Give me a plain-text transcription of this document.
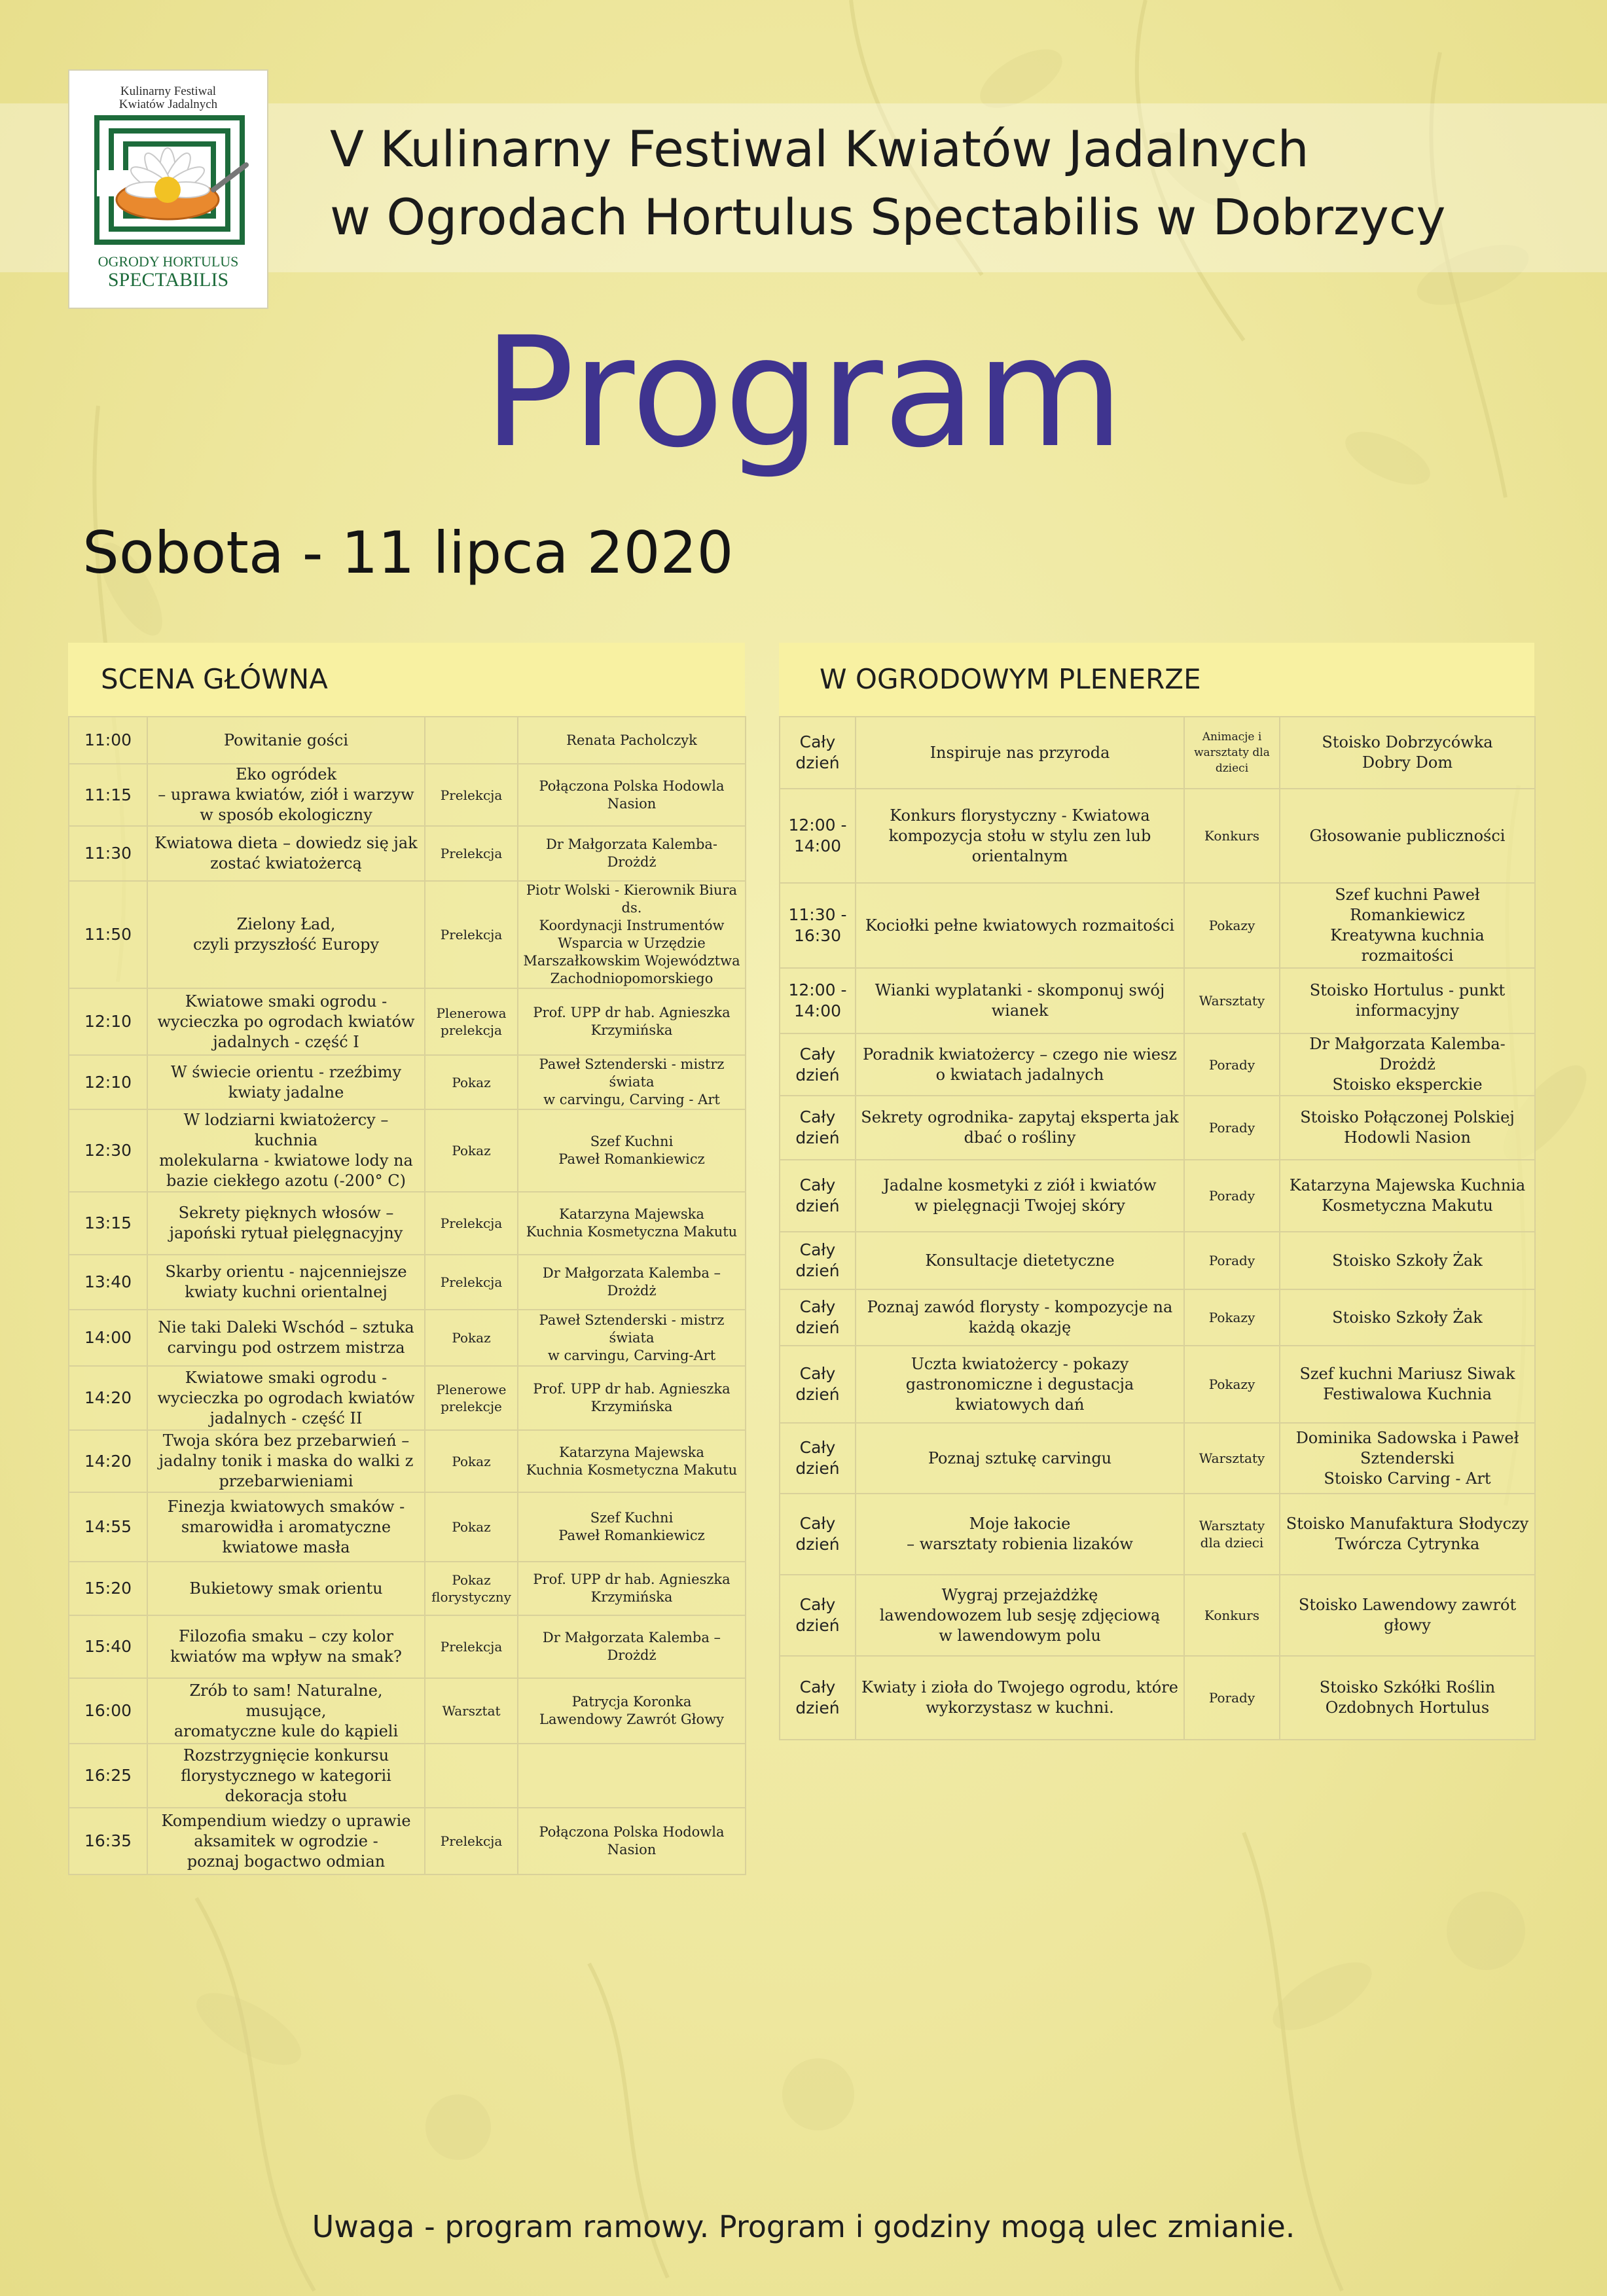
Kulinarny Festiwal
Kwiatów Jadalnych
OGRODY HORTULUS
SPECTABILIS
V Kulinarny Festiwal Kwiatów Jadalnych
w Ogrodach Hortulus Spectabilis w Dobrzycy
Program
Sobota - 11 lipca 2020
SCENA GŁÓWNA
11:00	Powitanie gości		Renata Pacholczyk
11:15	Eko ogródek
– uprawa kwiatów, ziół i warzyw
w sposób ekologiczny	Prelekcja	Połączona Polska Hodowla
Nasion
11:30	Kwiatowa dieta – dowiedz się jak
zostać kwiatożercą	Prelekcja	Dr Małgorzata Kalemba-Drożdż
11:50	Zielony Ład,
czyli przyszłość Europy	Prelekcja	Piotr Wolski - Kierownik Biura ds.
Koordynacji Instrumentów
Wsparcia w Urzędzie
Marszałkowskim Województwa
Zachodniopomorskiego
12:10	Kwiatowe smaki ogrodu -
wycieczka po ogrodach kwiatów
jadalnych - część I	Plenerowa
prelekcja	Prof. UPP dr hab. Agnieszka
Krzymińska
12:10	W świecie orientu - rzeźbimy
kwiaty jadalne	Pokaz	Paweł Sztenderski - mistrz świata
w carvingu, Carving - Art
12:30	W lodziarni kwiatożercy – kuchnia
molekularna - kwiatowe lody na
bazie ciekłego azotu (-200° C)	Pokaz	Szef Kuchni
Paweł Romankiewicz
13:15	Sekrety pięknych włosów –
japoński rytuał pielęgnacyjny	Prelekcja	Katarzyna Majewska
Kuchnia Kosmetyczna Makutu
13:40	Skarby orientu - najcenniejsze
kwiaty kuchni orientalnej	Prelekcja	Dr Małgorzata Kalemba – Drożdż
14:00	Nie taki Daleki Wschód – sztuka
carvingu pod ostrzem mistrza	Pokaz	Paweł Sztenderski - mistrz świata
w carvingu, Carving-Art
14:20	Kwiatowe smaki ogrodu -
wycieczka po ogrodach kwiatów
jadalnych - część II	Plenerowe
prelekcje	Prof. UPP dr hab. Agnieszka
Krzymińska
14:20	Twoja skóra bez przebarwień –
jadalny tonik i maska do walki z
przebarwieniami	Pokaz	Katarzyna Majewska
Kuchnia Kosmetyczna Makutu
14:55	Finezja kwiatowych smaków -
smarowidła i aromatyczne
kwiatowe masła	Pokaz	Szef Kuchni
Paweł Romankiewicz
15:20	Bukietowy smak orientu	Pokaz
florystyczny	Prof. UPP dr hab. Agnieszka
Krzymińska
15:40	Filozofia smaku – czy kolor
kwiatów ma wpływ na smak?	Prelekcja	Dr Małgorzata Kalemba – Drożdż
16:00	Zrób to sam! Naturalne, musujące,
aromatyczne kule do kąpieli	Warsztat	Patrycja Koronka
Lawendowy Zawrót Głowy
16:25	Rozstrzygnięcie konkursu
florystycznego w kategorii
dekoracja stołu		
16:35	Kompendium wiedzy o uprawie
aksamitek w ogrodzie -
poznaj bogactwo odmian	Prelekcja	Połączona Polska Hodowla
Nasion
W OGRODOWYM PLENERZE
Cały
dzień	Inspiruje nas przyroda	Animacje i
warsztaty dla
dzieci	Stoisko Dobrzycówka
Dobry Dom
12:00 -
14:00	Konkurs florystyczny - Kwiatowa
kompozycja stołu w stylu zen lub
orientalnym	Konkurs	Głosowanie publiczności
11:30 -
16:30	Kociołki pełne kwiatowych rozmaitości	Pokazy	Szef kuchni Paweł
Romankiewicz
Kreatywna kuchnia rozmaitości
12:00 -
14:00	Wianki wyplatanki - skomponuj swój
wianek	Warsztaty	Stoisko Hortulus - punkt
informacyjny
Cały
dzień	Poradnik kwiatożercy – czego nie wiesz
o kwiatach jadalnych	Porady	Dr Małgorzata Kalemba-Drożdż
Stoisko eksperckie
Cały
dzień	Sekrety ogrodnika- zapytaj eksperta jak
dbać o rośliny	Porady	Stoisko Połączonej Polskiej
Hodowli Nasion
Cały
dzień	Jadalne kosmetyki z ziół i kwiatów
w pielęgnacji Twojej skóry	Porady	Katarzyna Majewska Kuchnia
Kosmetyczna Makutu
Cały
dzień	Konsultacje dietetyczne	Porady	Stoisko Szkoły Żak
Cały
dzień	Poznaj zawód florysty - kompozycje na
każdą okazję	Pokazy	Stoisko Szkoły Żak
Cały
dzień	Uczta kwiatożercy - pokazy
gastronomiczne i degustacja
kwiatowych dań	Pokazy	Szef kuchni Mariusz Siwak
Festiwalowa Kuchnia
Cały
dzień	Poznaj sztukę carvingu	Warsztaty	Dominika Sadowska i Paweł
Sztenderski
Stoisko Carving - Art
Cały
dzień	Moje łakocie
– warsztaty robienia lizaków	Warsztaty
dla dzieci	Stoisko Manufaktura Słodyczy
Twórcza Cytrynka
Cały
dzień	Wygraj przejażdżkę
lawendowozem lub sesję zdjęciową
w lawendowym polu	Konkurs	Stoisko Lawendowy zawrót
głowy
Cały
dzień	Kwiaty i zioła do Twojego ogrodu, które
wykorzystasz w kuchni.	Porady	Stoisko Szkółki Roślin
Ozdobnych Hortulus
Uwaga - program ramowy. Program i godziny mogą ulec zmianie.
